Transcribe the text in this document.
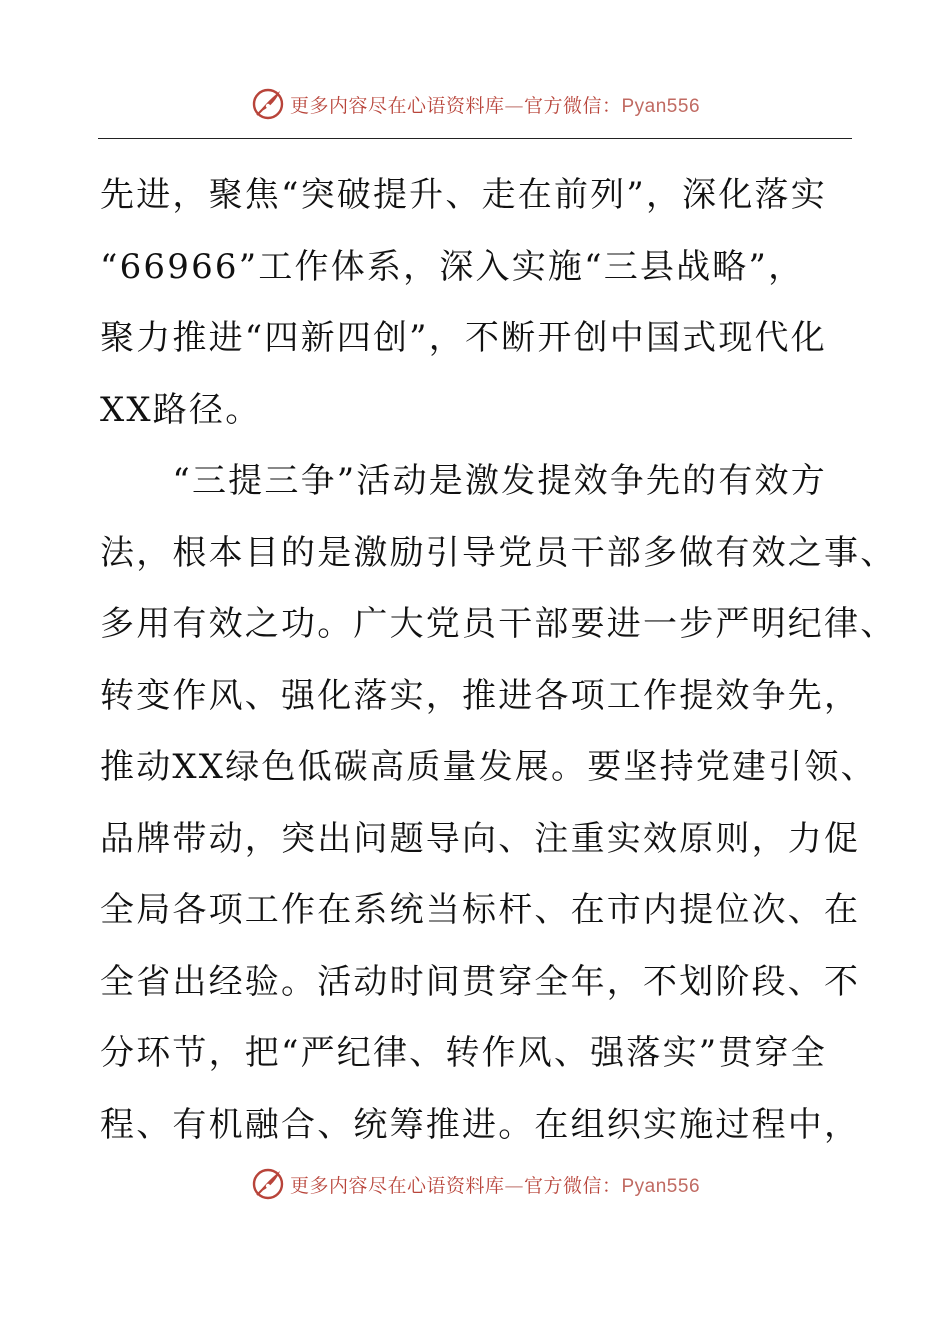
更多内容尽在心语资料库—官方微信：Pyan556
先进，聚焦“突破提升、走在前列”，深化落实
“66966”工作体系，深入实施“三县战略”，
聚力推进“四新四创”，不断开创中国式现代化
XX路径。
　　“三提三争”活动是激发提效争先的有效方
法，根本目的是激励引导党员干部多做有效之事、
多用有效之功。广大党员干部要进一步严明纪律、
转变作风、强化落实，推进各项工作提效争先，
推动XX绿色低碳高质量发展。要坚持党建引领、
品牌带动，突出问题导向、注重实效原则，力促
全局各项工作在系统当标杆、在市内提位次、在
全省出经验。活动时间贯穿全年，不划阶段、不
分环节，把“严纪律、转作风、强落实”贯穿全
程、有机融合、统筹推进。在组织实施过程中，
更多内容尽在心语资料库—官方微信：Pyan556
